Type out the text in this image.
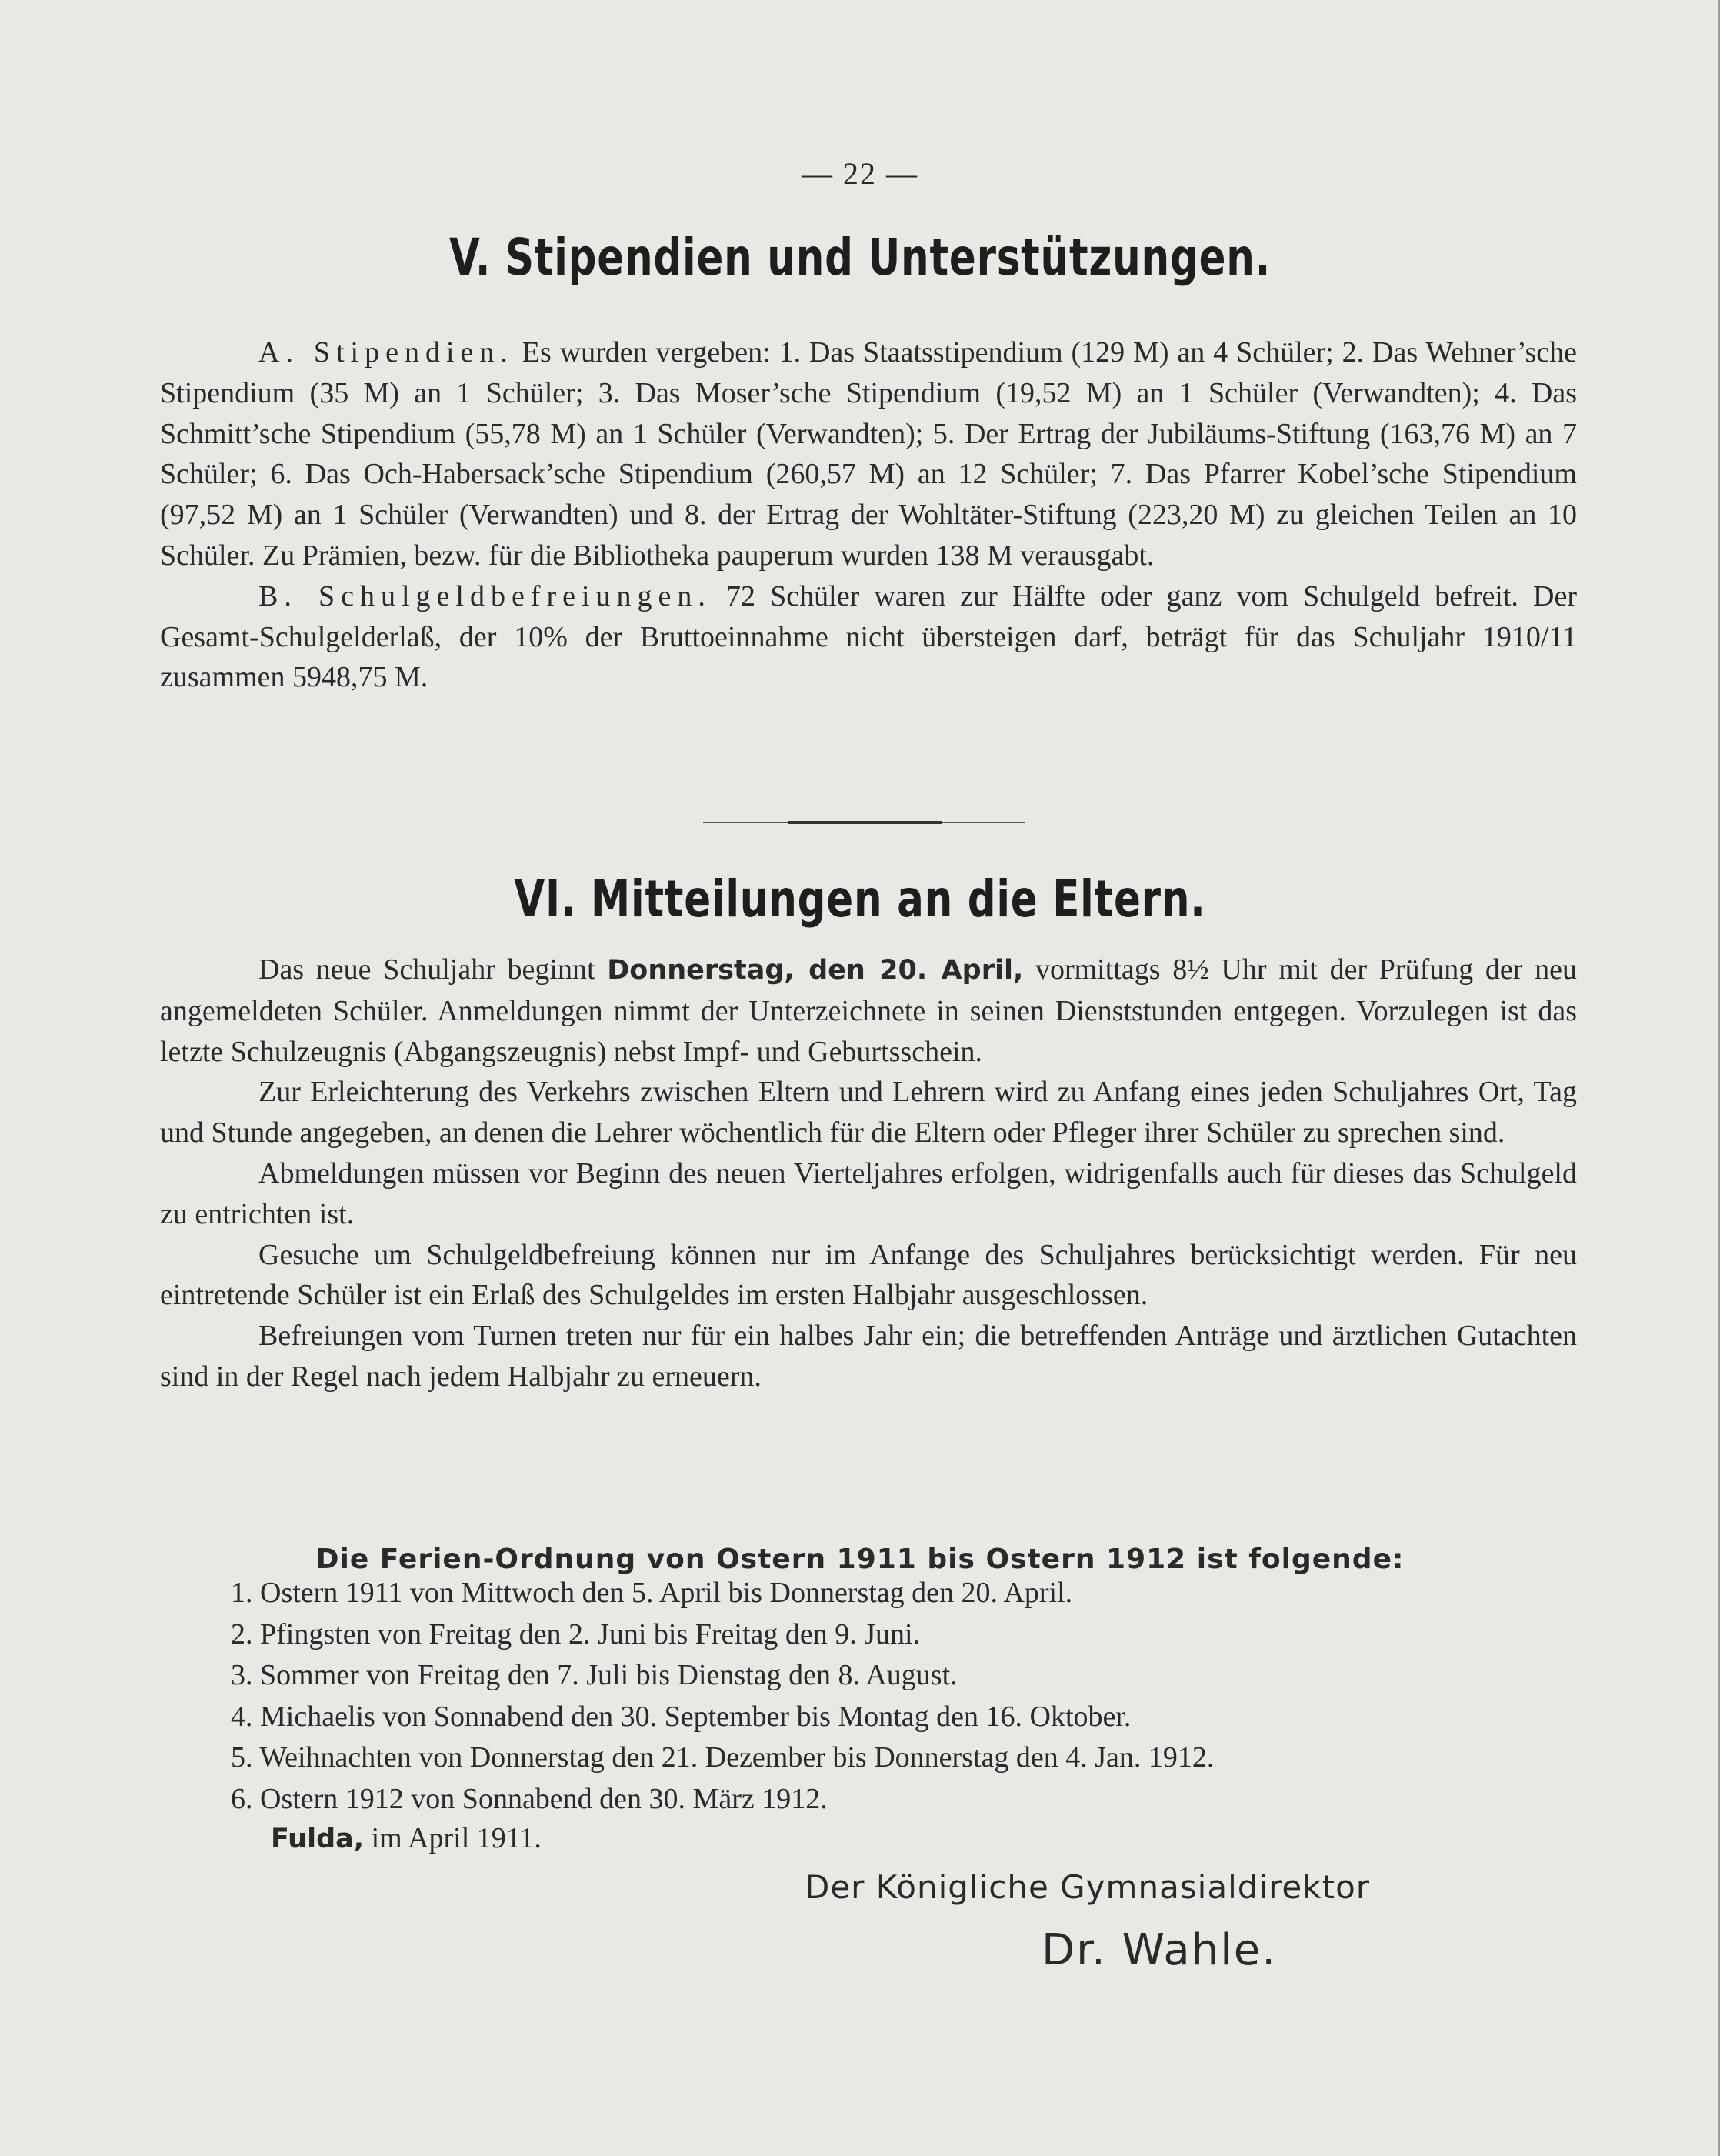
— 22 —
V. Stipendien und Unterstützungen.

A. Stipendien. Es wurden vergeben: 1. Das Staatsstipendium (129 M) an 4 Schüler; 2. Das Wehner’sche Stipendium (35 M) an 1 Schüler; 3. Das Moser’sche Stipendium (19,52 M) an 1 Schüler (Verwandten); 4. Das Schmitt’sche Stipendium (55,78 M) an 1 Schüler (Verwandten); 5. Der Ertrag der Jubiläums-Stiftung (163,76 M) an 7 Schüler; 6. Das Och-Habersack’sche Stipendium (260,57 M) an 12 Schüler; 7. Das Pfarrer Kobel’sche Stipendium (97,52 M) an 1 Schüler (Verwandten) und 8. der Ertrag der Wohltäter-Stiftung (223,20 M) zu gleichen Teilen an 10 Schüler. Zu Prämien, bezw. für die Bibliotheka pauperum wurden 138 M verausgabt.

B. Schulgeldbefreiungen. 72 Schüler waren zur Hälfte oder ganz vom Schulgeld befreit. Der Gesamt-Schulgelderlaß, der 10% der Bruttoeinnahme nicht übersteigen darf, beträgt für das Schuljahr 1910/11 zusammen 5948,75 M.

VI. Mitteilungen an die Eltern.

Das neue Schuljahr beginnt Donnerstag, den 20. April, vormittags 8½ Uhr mit der Prüfung der neu angemeldeten Schüler. Anmeldungen nimmt der Unterzeichnete in seinen Dienststunden entgegen. Vorzulegen ist das letzte Schulzeugnis (Abgangszeugnis) nebst Impf- und Geburtsschein.

Zur Erleichterung des Verkehrs zwischen Eltern und Lehrern wird zu Anfang eines jeden Schuljahres Ort, Tag und Stunde angegeben, an denen die Lehrer wöchentlich für die Eltern oder Pfleger ihrer Schüler zu sprechen sind.

Abmeldungen müssen vor Beginn des neuen Vierteljahres erfolgen, widrigenfalls auch für dieses das Schulgeld zu entrichten ist.

Gesuche um Schulgeldbefreiung können nur im Anfange des Schuljahres berücksichtigt werden. Für neu eintretende Schüler ist ein Erlaß des Schulgeldes im ersten Halbjahr ausgeschlossen.

Befreiungen vom Turnen treten nur für ein halbes Jahr ein; die betreffenden Anträge und ärztlichen Gutachten sind in der Regel nach jedem Halbjahr zu erneuern.

Die Ferien-Ordnung von Ostern 1911 bis Ostern 1912 ist folgende:
1. Ostern 1911 von Mittwoch den 5. April bis Donnerstag den 20. April.
2. Pfingsten von Freitag den 2. Juni bis Freitag den 9. Juni.
3. Sommer von Freitag den 7. Juli bis Dienstag den 8. August.
4. Michaelis von Sonnabend den 30. September bis Montag den 16. Oktober.
5. Weihnachten von Donnerstag den 21. Dezember bis Donnerstag den 4. Jan. 1912.
6. Ostern 1912 von Sonnabend den 30. März 1912.
Fulda, im April 1911.
Der Königliche Gymnasialdirektor
Dr. Wahle.
